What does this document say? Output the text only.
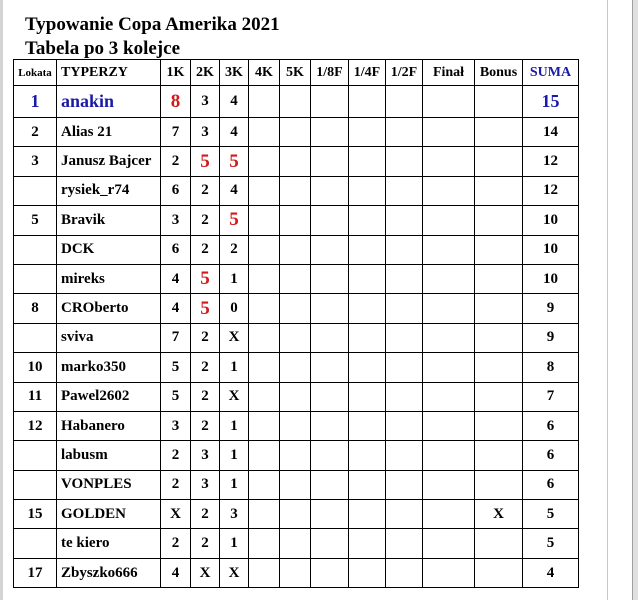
Typowanie Copa Amerika 2021
Tabela po 3 kolejce
Lokata	TYPERZY	1K	2K	3K	4K	5K	1/8F	1/4F	1/2F	Finał	Bonus	SUMA
1	anakin	8	3	4								15
2	Alias 21	7	3	4								14
3	Janusz Bajcer	2	5	5								12
	rysiek_r74	6	2	4								12
5	Bravik	3	2	5								10
	DCK	6	2	2								10
	mireks	4	5	1								10
8	CROberto	4	5	0								9
	sviva	7	2	X								9
10	marko350	5	2	1								8
11	Pawel2602	5	2	X								7
12	Habanero	3	2	1								6
	labusm	2	3	1								6
	VONPLES	2	3	1								6
15	GOLDEN	X	2	3							X	5
	te kiero	2	2	1								5
17	Zbyszko666	4	X	X								4
